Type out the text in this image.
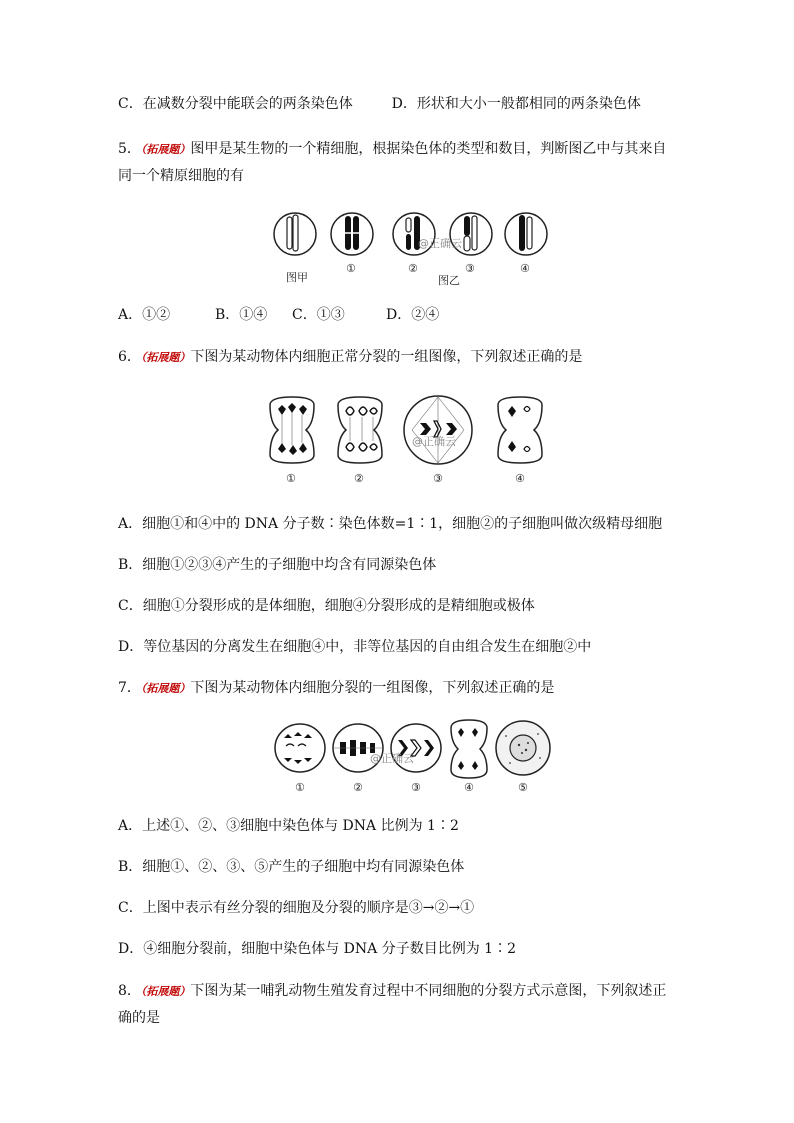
C．在减数分裂中能联会的两条染色体	D．形状和大小一般都相同的两条染色体
5．（拓展题）图甲是某生物的一个精细胞，根据染色体的类型和数目，判断图乙中与其来自
同一个精原细胞的有
@正确云
图甲
①	②	③	④
图乙
A．①②	B．①④ C．①③	D．②④
6．（拓展题）下图为某动物体内细胞正常分裂的一组图像，下列叙述正确的是
@正确云
①	②	③	④
A．细胞①和④中的 DNA 分子数∶染色体数=1∶1，细胞②的子细胞叫做次级精母细胞
B．细胞①②③④产生的子细胞中均含有同源染色体
C．细胞①分裂形成的是体细胞，细胞④分裂形成的是精细胞或极体
D．等位基因的分离发生在细胞④中，非等位基因的自由组合发生在细胞②中
7．（拓展题）下图为某动物体内细胞分裂的一组图像，下列叙述正确的是
@正确云
①	②	③	④	⑤
A．上述①、②、③细胞中染色体与 DNA 比例为 1∶2
B．细胞①、②、③、⑤产生的子细胞中均有同源染色体
C．上图中表示有丝分裂的细胞及分裂的顺序是③→②→①
D．④细胞分裂前，细胞中染色体与 DNA 分子数目比例为 1∶2
8．（拓展题）下图为某一哺乳动物生殖发育过程中不同细胞的分裂方式示意图，下列叙述正
确的是
